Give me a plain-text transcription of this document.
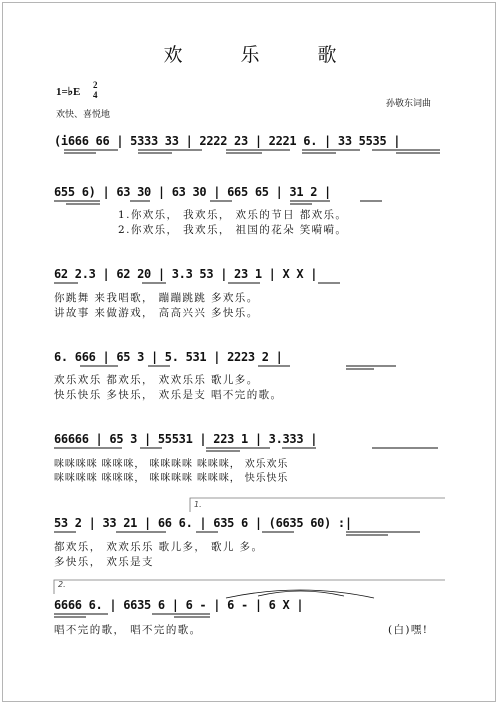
欢 乐 歌
1=♭E
2
4
欢快、喜悦地
孙敬东词曲
(i666 66 | 5333 33 | 2222 23 | 2221 6. | 33 5535 |
655 6) | 63 30 | 63 30 | 665 65 | 31 2 |
1.你欢乐， 我欢乐， 欢乐的节日 都欢乐。
2.你欢乐， 我欢乐， 祖国的花朵 笑嗬嗬。
62 2.3 | 62 20 | 3.3 53 | 23 1 | X X |
你跳舞 来我唱歌， 蹦蹦跳跳 多欢乐。
讲故事 来做游戏， 高高兴兴 多快乐。
6. 666 | 65 3 | 5. 531 | 2223 2 |
欢乐欢乐 都欢乐， 欢欢乐乐 歌儿多。
快乐快乐 多快乐， 欢乐是支 唱不完的歌。
66666 | 65 3 | 55531 | 223 1 | 3.333 |
咪咪咪咪 咪咪咪， 咪咪咪咪 咪咪咪， 欢乐欢乐
咪咪咪咪 咪咪咪， 咪咪咪咪 咪咪咪， 快乐快乐
1.
53 2 | 33 21 | 66 6. | 635 6 | (6635 60) :|
都欢乐， 欢欢乐乐 歌儿多， 歌儿 多。
多快乐， 欢乐是支
2.
6666 6. | 6635 6 | 6 - | 6 - | 6 X |
唱不完的歌， 唱不完的歌。	(白)嘿!
